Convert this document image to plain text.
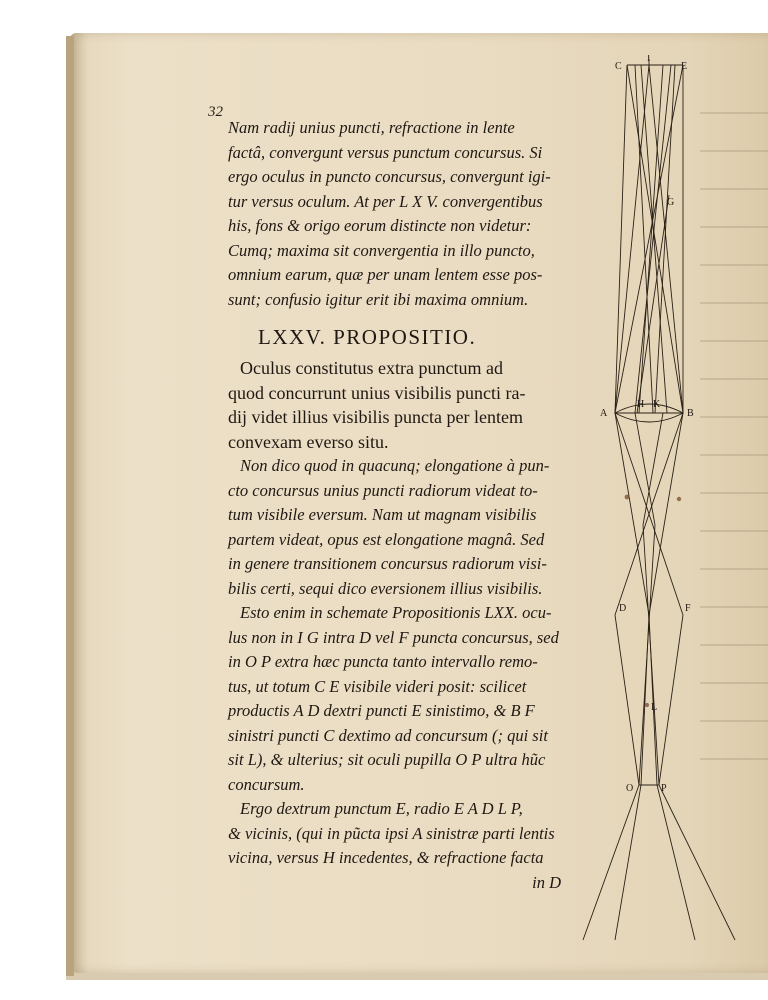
32

Nam radij unius puncti, refractione in lente

factâ, convergunt versus punctum concursus. Si

ergo oculus in puncto concursus, convergunt igi-

tur versus oculum. At per L X V. convergentibus

his, fons & origo eorum distincte non videtur:

Cumq; maxima sit convergentia in illo puncto,

omnium earum, quæ per unam lentem esse pos-

sunt; confusio igitur erit ibi maxima omnium.

LXXV. PROPOSITIO.

Oculus constitutus extra punctum ad

quod concurrunt unius visibilis puncti ra-

dij videt illius visibilis puncta per lentem

convexam everso situ.

Non dico quod in quacunq; elongatione à pun-

cto concursus unius puncti radiorum videat to-

tum visibile eversum. Nam ut magnam visibilis

partem videat, opus est elongatione magnâ. Sed

in genere transitionem concursus radiorum visi-

bilis certi, sequi dico eversionem illius visibilis.

Esto enim in schemate Propositionis LXX. ocu-

lus non in I G intra D vel F puncta concursus, sed

in O P extra hæc puncta tanto intervallo remo-

tus, ut totum C E visibile videri posit: scilicet

productis A D dextri puncti E sinistimo, & B F

sinistri puncti C dextimo ad concursum (; qui sit

sit L), & ulterius; sit oculi pupilla O P ultra hũc

concursum.

Ergo dextrum punctum E, radio E A D L P,

& vicinis, (qui in pũcta ipsi A sinistræ parti lentis

vicina, versus H incedentes, & refractione facta

in D

C
I
E
G
A
H K
B
D	F
L
O	P
